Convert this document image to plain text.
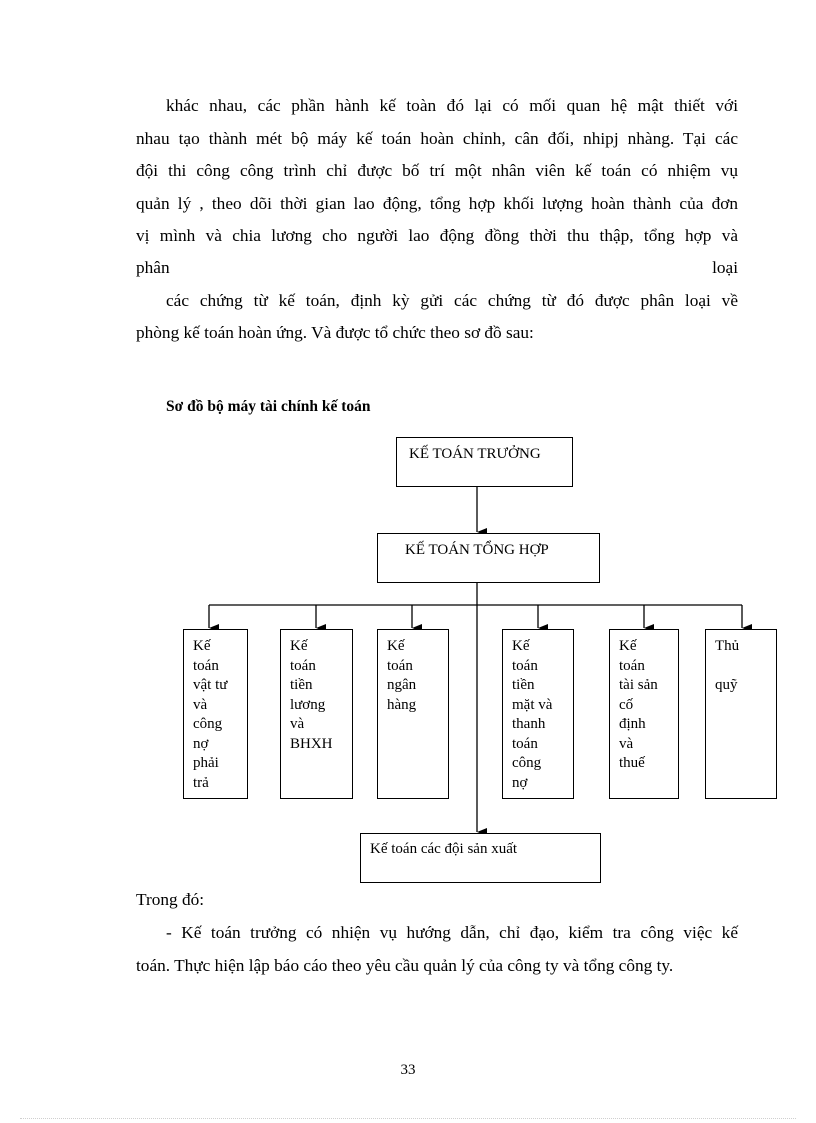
khác nhau, các phần hành kế toàn đó lại có mối quan hệ mật thiết với
nhau tạo thành mét bộ máy kế toán hoàn chỉnh, cân đối, nhipj nhàng. Tại các
đội thi công công trình chỉ được bố trí một nhân viên kế toán có nhiệm vụ
quản lý , theo dõi thời gian lao động, tổng hợp khối lượng hoàn thành của đơn
vị mình và chia lương cho người lao động đồng thời thu thập, tổng hợp và
phân	loại
các chứng từ kế toán, định kỳ gửi các chứng từ đó được phân loại về
phòng kế toán hoàn ứng. Và được tổ chức theo sơ đồ sau:
Sơ đồ bộ máy tài chính kế toán
KẾ TOÁN TRƯỞNG
KẾ TOÁN TỔNG HỢP
Kế
toán
vật tư
và
công
nợ
phải
trả
Kế
toán
tiền
lương
và
BHXH
Kế
toán
ngân
hàng
Kế
toán
tiền
mặt và
thanh
toán
công
nợ
Kế
toán
tài sản
cố
định
và
thuế
Thủ

quỹ
Kế toán các đội sản xuất
Trong đó:
- Kế toán trưởng có nhiện vụ hướng dẫn, chỉ đạo, kiểm tra công việc kế
toán. Thực hiện lập báo cáo theo yêu cầu quản lý của công ty và tổng công ty.
33
